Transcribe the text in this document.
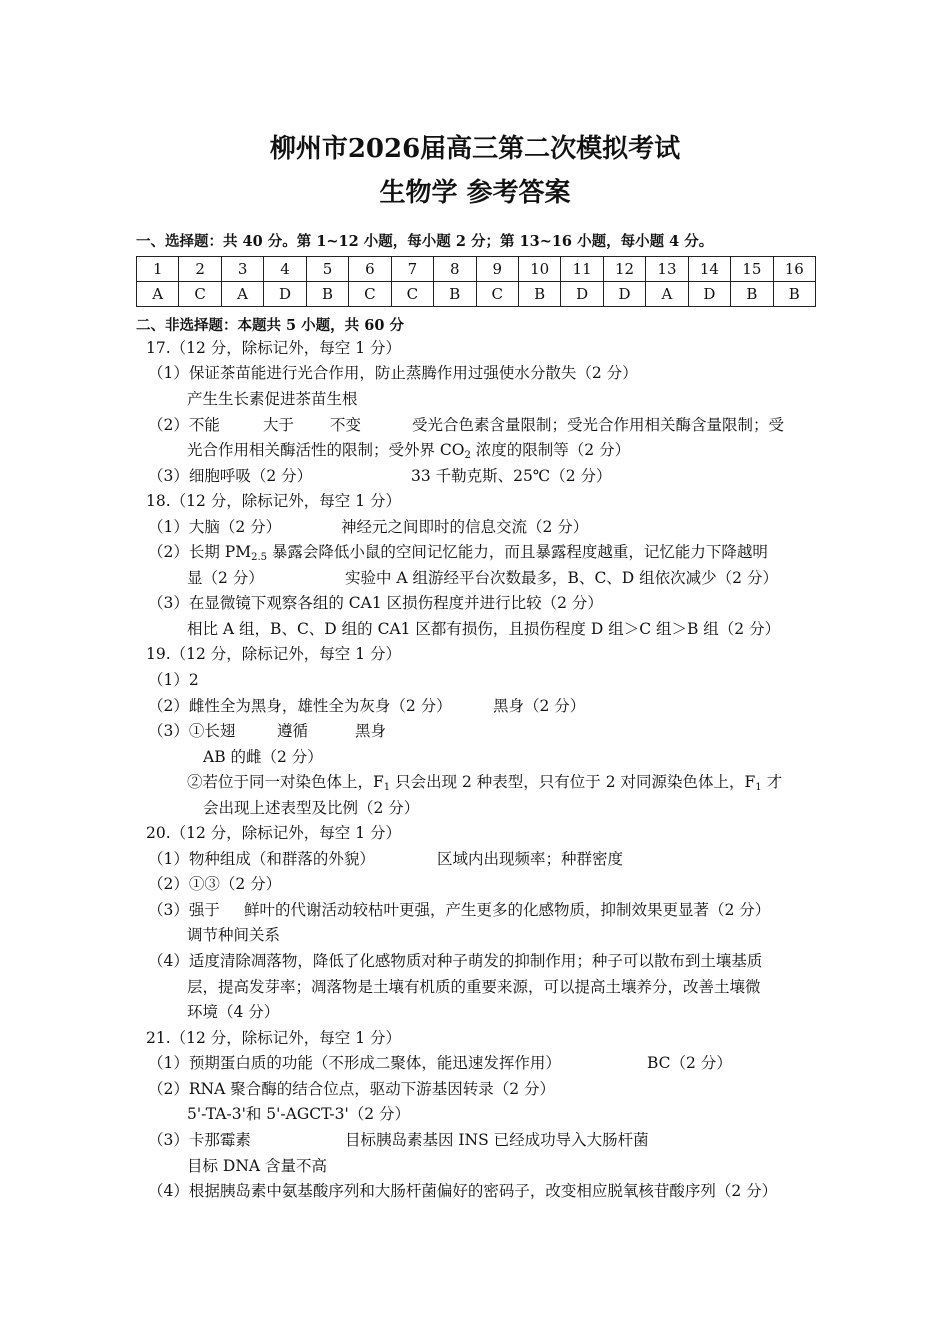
柳州市2026届高三第二次模拟考试
生物学 参考答案
一、选择题：共 40 分。第 1~12 小题，每小题 2 分；第 13~16 小题，每小题 4 分。
1	2	3	4	5	6	7	8	9	10	11	12	13	14	15	16
A	C	A	D	B	C	C	B	C	B	D	D	A	D	B	B
二、非选择题：本题共 5 小题，共 60 分
17.（12 分，除标记外，每空 1 分）
（1）保证茶苗能进行光合作用，防止蒸腾作用过强使水分散失（2 分）
产生生长素促进茶苗生根
（2）不能	大于 不变	受光合色素含量限制；受光合作用相关酶含量限制；受
光合作用相关酶活性的限制；受外界 $CO_2$ 浓度的限制等（2 分）
（3）细胞呼吸（2 分）	33 千勒克斯、25℃（2 分）
18.（12 分，除标记外，每空 1 分）
（1）大脑（2 分）	神经元之间即时的信息交流（2 分）
（2）长期 $PM_{2.5}$ 暴露会降低小鼠的空间记忆能力，而且暴露程度越重，记忆能力下降越明
显（2 分）	实验中 A 组游经平台次数最多，B、C、D 组依次减少（2 分）
（3）在显微镜下观察各组的 CA1 区损伤程度并进行比较（2 分）
相比 A 组，B、C、D 组的 CA1 区都有损伤，且损伤程度 D 组＞C 组＞B 组（2 分）
19.（12 分，除标记外，每空 1 分）
（1）2
（2）雌性全为黑身，雄性全为灰身（2 分）	黑身（2 分）
（3）①长翅	遵循	黑身
AB 的雌（2 分）
②若位于同一对染色体上，$F_1$ 只会出现 2 种表型，只有位于 2 对同源染色体上，$F_1$ 才
会出现上述表型及比例（2 分）
20.（12 分，除标记外，每空 1 分）
（1）物种组成（和群落的外貌）	区域内出现频率；种群密度
（2）①③（2 分）
（3）强于 鲜叶的代谢活动较枯叶更强，产生更多的化感物质，抑制效果更显著（2 分）
调节种间关系
（4）适度清除凋落物，降低了化感物质对种子萌发的抑制作用；种子可以散布到土壤基质
层，提高发芽率；凋落物是土壤有机质的重要来源，可以提高土壤养分，改善土壤微
环境（4 分）
21.（12 分，除标记外，每空 1 分）
（1）预期蛋白质的功能（不形成二聚体，能迅速发挥作用）	BC（2 分）
（2）RNA 聚合酶的结合位点，驱动下游基因转录（2 分）
5'-TA-3'和 5'-AGCT-3'（2 分）
（3）卡那霉素	目标胰岛素基因 INS 已经成功导入大肠杆菌
目标 DNA 含量不高
（4）根据胰岛素中氨基酸序列和大肠杆菌偏好的密码子，改变相应脱氧核苷酸序列（2 分）
